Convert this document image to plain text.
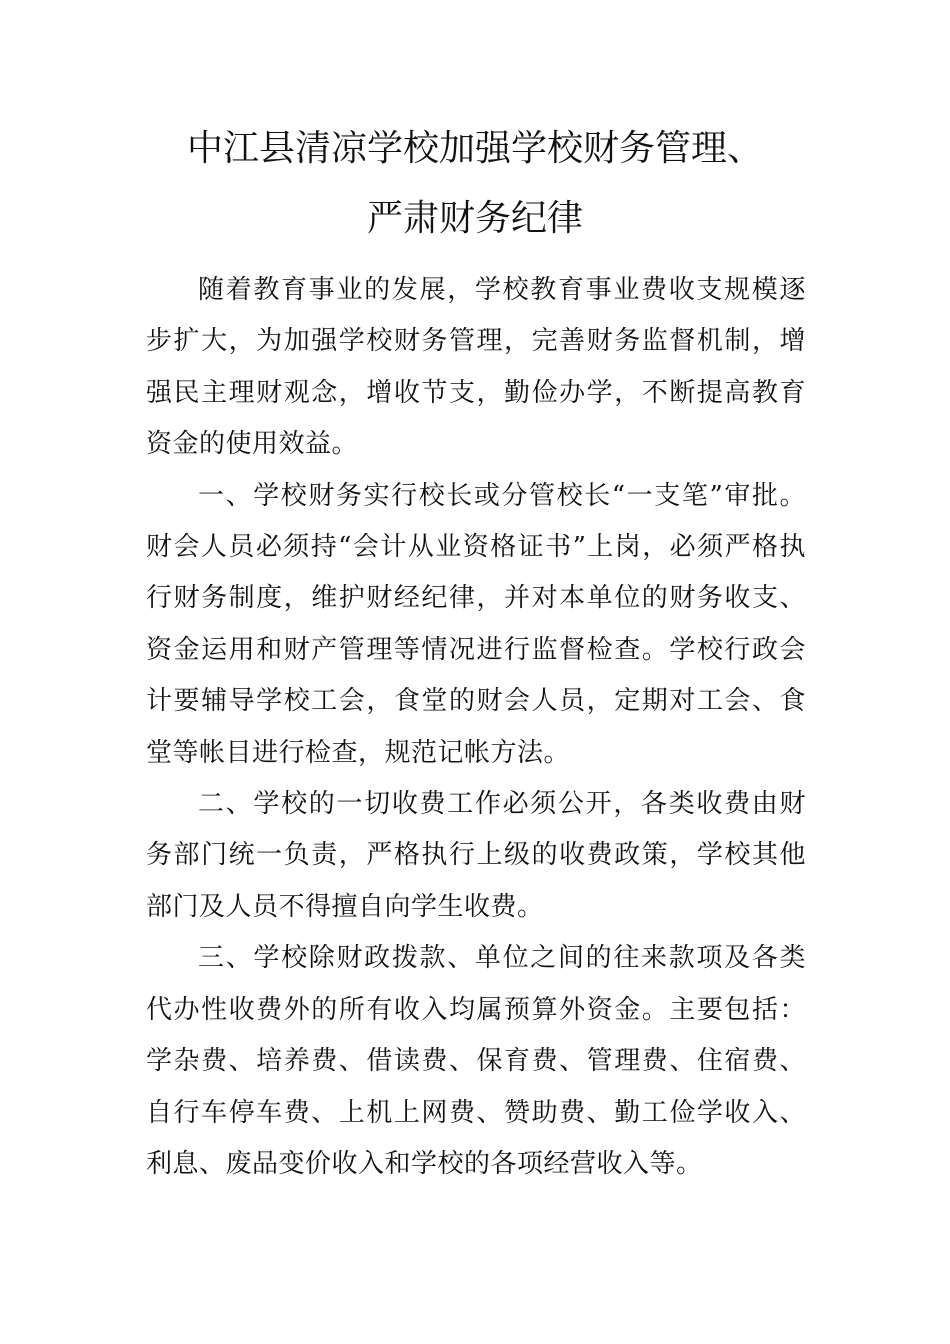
中江县清凉学校加强学校财务管理、
严肃财务纪律

随着教育事业的发展，学校教育事业费收支规模逐步扩大，为加强学校财务管理，完善财务监督机制，增强民主理财观念，增收节支，勤俭办学，不断提高教育资金的使用效益。

一、学校财务实行校长或分管校长“一支笔”审批。财会人员必须持“会计从业资格证书”上岗，必须严格执行财务制度，维护财经纪律，并对本单位的财务收支、资金运用和财产管理等情况进行监督检查。学校行政会计要辅导学校工会，食堂的财会人员，定期对工会、食堂等帐目进行检查，规范记帐方法。

二、学校的一切收费工作必须公开，各类收费由财务部门统一负责，严格执行上级的收费政策，学校其他部门及人员不得擅自向学生收费。

三、学校除财政拨款、单位之间的往来款项及各类代办性收费外的所有收入均属预算外资金。主要包括：学杂费、培养费、借读费、保育费、管理费、住宿费、自行车停车费、上机上网费、赞助费、勤工俭学收入、利息、废品变价收入和学校的各项经营收入等。
